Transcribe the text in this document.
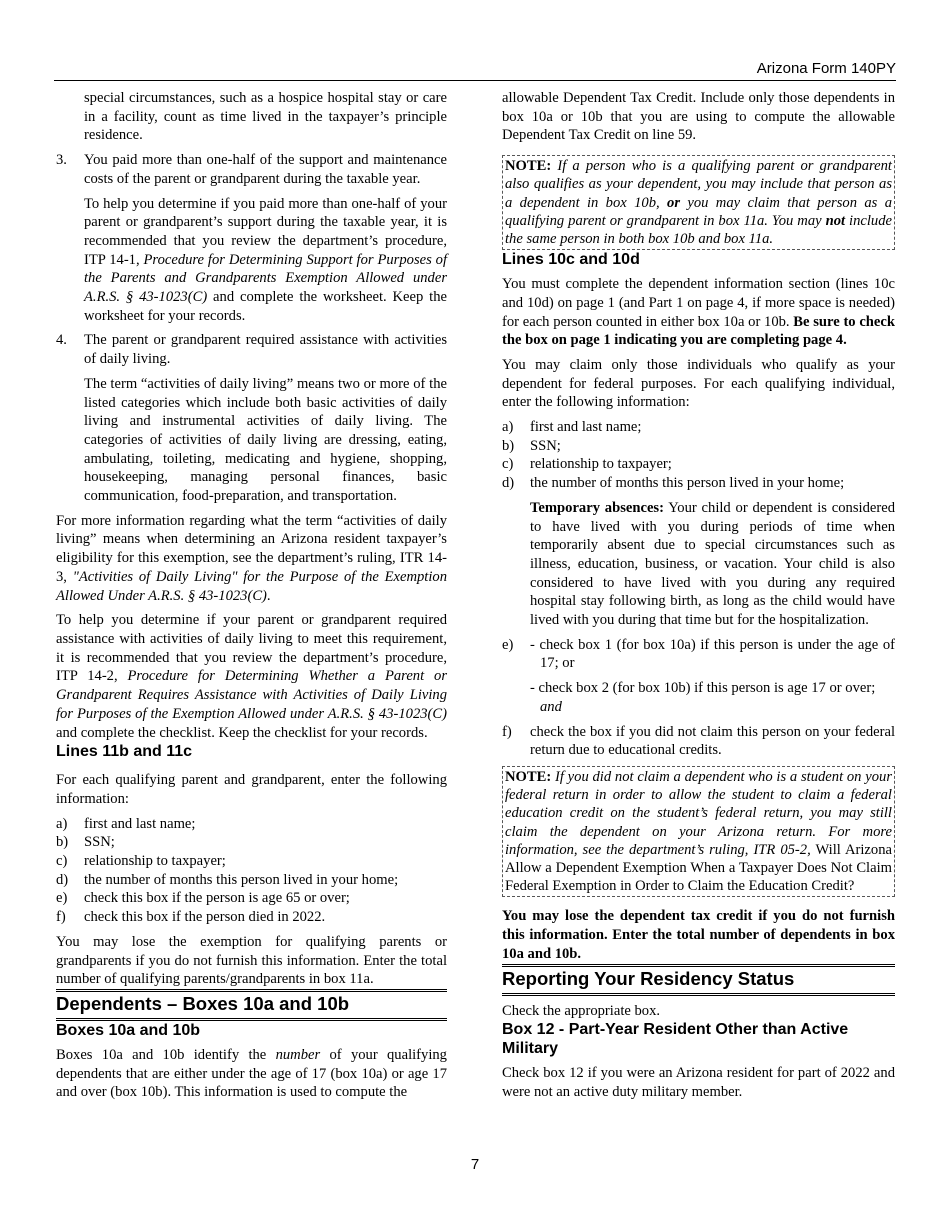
Arizona Form 140PY

special circumstances, such as a hospice hospital stay or care in a facility, count as time lived in the taxpayer’s principle residence.

3.	You paid more than one-half of the support and maintenance costs of the parent or grandparent during the taxable year.

To help you determine if you paid more than one-half of your parent or grandparent’s support during the taxable year, it is recommended that you review the department’s procedure, ITP 14-1, Procedure for Determining Support for Purposes of the Parents and Grandparents Exemption Allowed under A.R.S. § 43-1023(C) and complete the worksheet. Keep the worksheet for your records.

4.	The parent or grandparent required assistance with activities of daily living.

The term “activities of daily living” means two or more of the listed categories which include both basic activities of daily living and instrumental activities of daily living. The categories of activities of daily living are dressing, eating, ambulating, toileting, medicating and hygiene, shopping, housekeeping, managing personal finances, basic communication, food-preparation, and transportation.

For more information regarding what the term “activities of daily living” means when determining an Arizona resident taxpayer’s eligibility for this exemption, see the department’s ruling, ITR 14-3, "Activities of Daily Living" for the Purpose of the Exemption Allowed Under A.R.S. § 43-1023(C).

To help you determine if your parent or grandparent required assistance with activities of daily living to meet this requirement, it is recommended that you review the department’s procedure, ITP 14-2, Procedure for Determining Whether a Parent or Grandparent Requires Assistance with Activities of Daily Living for Purposes of the Exemption Allowed under A.R.S. § 43-1023(C) and complete the checklist. Keep the checklist for your records.

Lines 11b and 11c

For each qualifying parent and grandparent, enter the following information:

a)	first and last name;
b)	SSN;
c)	relationship to taxpayer;
d)	the number of months this person lived in your home;
e)	check this box if the person is age 65 or over;
f)	check this box if the person died in 2022.

You may lose the exemption for qualifying parents or grandparents if you do not furnish this information. Enter the total number of qualifying parents/grandparents in box 11a.

Dependents – Boxes 10a and 10b
Boxes 10a and 10b

Boxes 10a and 10b identify the number of your qualifying dependents that are either under the age of 17 (box 10a) or age 17 and over (box 10b). This information is used to compute the

allowable Dependent Tax Credit. Include only those dependents in box 10a or 10b that you are using to compute the allowable Dependent Tax Credit on line 59.

NOTE: If a person who is a qualifying parent or grandparent also qualifies as your dependent, you may include that person as a dependent in box 10b, or you may claim that person as a qualifying parent or grandparent in box 11a. You may not include the same person in both box 10b and box 11a.
Lines 10c and 10d

You must complete the dependent information section (lines 10c and 10d) on page 1 (and Part 1 on page 4, if more space is needed) for each person counted in either box 10a or 10b. Be sure to check the box on page 1 indicating you are completing page 4.

You may claim only those individuals who qualify as your dependent for federal purposes. For each qualifying individual, enter the following information:

a)	first and last name;
b)	SSN;
c)	relationship to taxpayer;
d)	the number of months this person lived in your home;

Temporary absences: Your child or dependent is considered to have lived with you during periods of time when temporarily absent due to special circumstances such as illness, education, business, or vacation. Your child is also considered to have lived with you during any required hospital stay following birth, as long as the child would have lived with you during that time but for the hospitalization.

e)	- check box 1 (for box 10a) if this person is under the age of 17; or
- check box 2 (for box 10b) if this person is age 17 or over;
and
f)	check the box if you did not claim this person on your federal return due to educational credits.
NOTE: If you did not claim a dependent who is a student on your federal return in order to allow the student to claim a federal education credit on the student’s federal return, you may still claim the dependent on your Arizona return. For more information, see the department’s ruling, ITR 05-2, Will Arizona Allow a Dependent Exemption When a Taxpayer Does Not Claim Federal Exemption in Order to Claim the Education Credit?

You may lose the dependent tax credit if you do not furnish this information. Enter the total number of dependents in box 10a and 10b.

Reporting Your Residency Status

Check the appropriate box.

Box 12 - Part-Year Resident Other than Active Military

Check box 12 if you were an Arizona resident for part of 2022 and were not an active duty military member.

7
